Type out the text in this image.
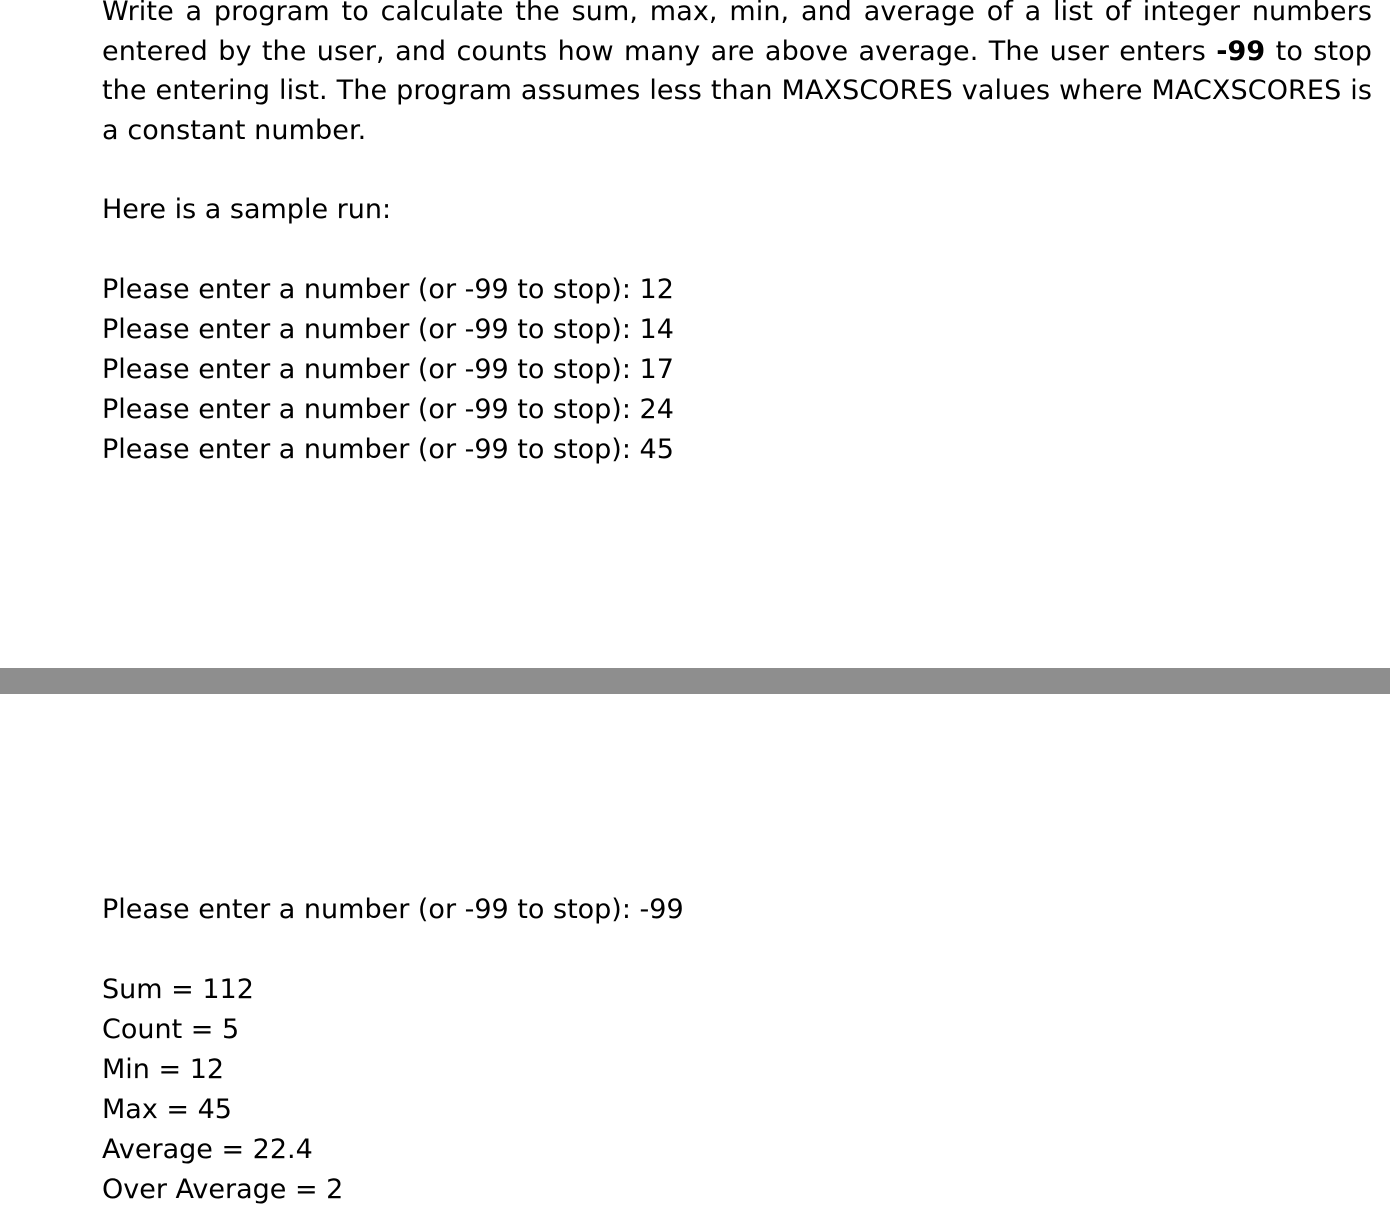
Write a program to calculate the sum, max, min, and average of a list of integer numbers entered by the user, and counts how many are above average. The user enters -99 to stop the entering list. The program assumes less than MAXSCORES values where MACXSCORES is a constant number.

Here is a sample run:

Please enter a number (or -99 to stop): 12

Please enter a number (or -99 to stop): 14

Please enter a number (or -99 to stop): 17

Please enter a number (or -99 to stop): 24

Please enter a number (or -99 to stop): 45

Please enter a number (or -99 to stop): -99

Sum = 112

Count = 5

Min = 12

Max = 45

Average = 22.4

Over Average = 2
